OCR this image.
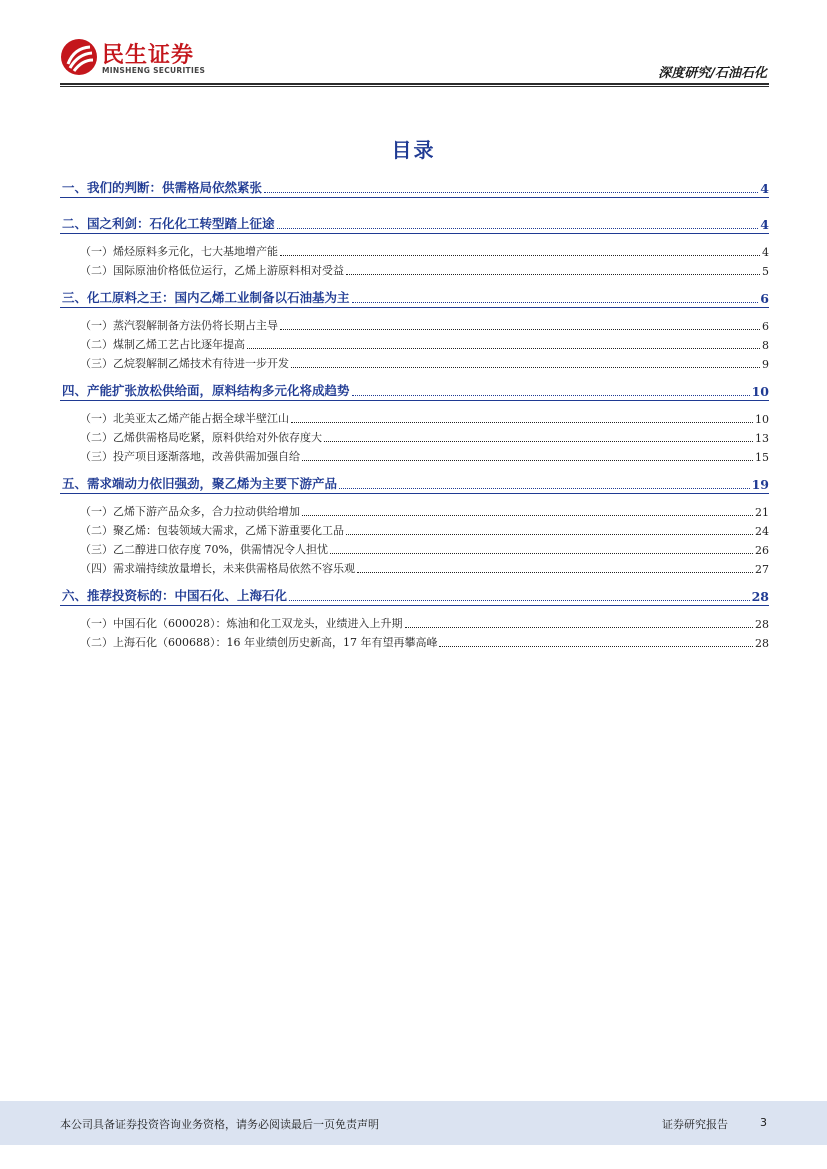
民生证券
MINSHENG SECURITIES	深度研究/石油石化
目录
一、我们的判断：供需格局依然紧张	4
二、国之利剑：石化化工转型踏上征途	4
（一）烯烃原料多元化，七大基地增产能	4
（二）国际原油价格低位运行，乙烯上游原料相对受益	5
三、化工原料之王：国内乙烯工业制备以石油基为主	6
（一）蒸汽裂解制备方法仍将长期占主导	6
（二）煤制乙烯工艺占比逐年提高	8
（三）乙烷裂解制乙烯技术有待进一步开发	9
四、产能扩张放松供给面，原料结构多元化将成趋势	10
（一）北美亚太乙烯产能占据全球半壁江山	10
（二）乙烯供需格局吃紧，原料供给对外依存度大	13
（三）投产项目逐渐落地，改善供需加强自给	15
五、需求端动力依旧强劲，聚乙烯为主要下游产品	19
（一）乙烯下游产品众多，合力拉动供给增加	21
（二）聚乙烯：包装领域大需求，乙烯下游重要化工品	24
（三）乙二醇进口依存度 70%，供需情况令人担忧	26
（四）需求端持续放量增长，未来供需格局依然不容乐观	27
六、推荐投资标的：中国石化、上海石化	28
（一）中国石化（600028）：炼油和化工双龙头，业绩进入上升期	28
（二）上海石化（600688）：16 年业绩创历史新高，17 年有望再攀高峰	28
本公司具备证券投资咨询业务资格，请务必阅读最后一页免责声明	证券研究报告	3
